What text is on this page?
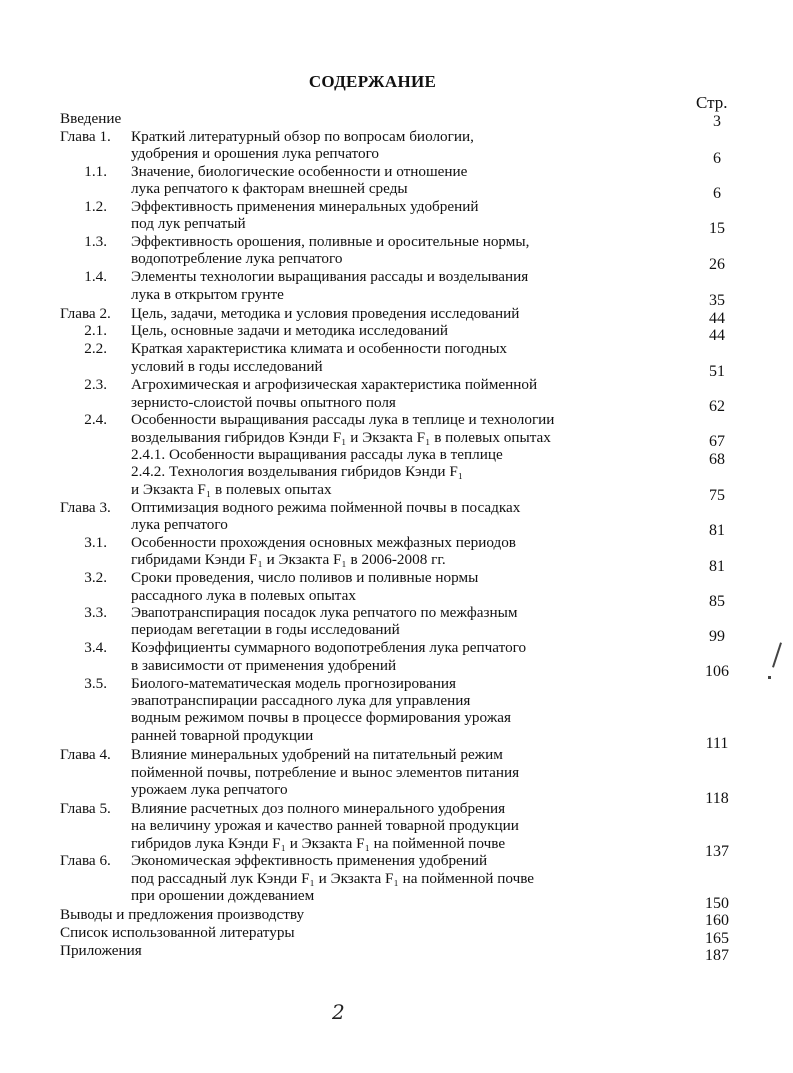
СОДЕРЖАНИЕ
Стр.
Введение	3
Глава 1.	Краткий литературный обзор по вопросам биологии,
удобрения и орошения лука репчатого	6
1.1. Значение, биологические особенности и отношение
лука репчатого к факторам внешней среды	6
1.2. Эффективность применения минеральных удобрений
под лук репчатый	15
1.3. Эффективность орошения, поливные и оросительные нормы,
водопотребление лука репчатого	26
1.4. Элементы технологии выращивания рассады и возделывания
лука в открытом грунте	35
Глава 2.	Цель, задачи, методика и условия проведения исследований	44
2.1. Цель, основные задачи и методика исследований	44
2.2. Краткая характеристика климата и особенности погодных
условий в годы исследований	51
2.3. Агрохимическая и агрофизическая характеристика пойменной
зернисто-слоистой почвы опытного поля	62
2.4. Особенности выращивания рассады лука в теплице и технологии
возделывания гибридов Кэнди F₁ и Экзакта F₁ в полевых опытах	67
2.4.1. Особенности выращивания рассады лука в теплице	68
2.4.2. Технология возделывания гибридов Кэнди F₁
и Экзакта F₁ в полевых опытах	75
Глава 3.	Оптимизация водного режима пойменной почвы в посадках
лука репчатого	81
3.1. Особенности прохождения основных межфазных периодов
гибридами Кэнди F₁ и Экзакта F₁ в 2006-2008 гг.	81
3.2. Сроки проведения, число поливов и поливные нормы
рассадного лука в полевых опытах	85
3.3. Эвапотранспирация посадок лука репчатого по межфазным
периодам вегетации в годы исследований	99
3.4. Коэффициенты суммарного водопотребления лука репчатого
в зависимости от применения удобрений	106
3.5. Биолого-математическая модель прогнозирования
эвапотранспирации рассадного лука для управления
водным режимом почвы в процессе формирования урожая
ранней товарной продукции	111
Глава 4.	Влияние минеральных удобрений на питательный режим
пойменной почвы, потребление и вынос элементов питания
урожаем лука репчатого
118
Глава 5.	Влияние расчетных доз полного минерального удобрения
на величину урожая и качество ранней товарной продукции
гибридов лука Кэнди F₁ и Экзакта F₁ на пойменной почве	137
Глава 6.	Экономическая эффективность применения удобрений
под рассадный лук Кэнди F₁ и Экзакта F₁ на пойменной почве
при орошении дождеванием	150
Выводы и предложения производству	160
Список использованной литературы	165
Приложения	187
2
